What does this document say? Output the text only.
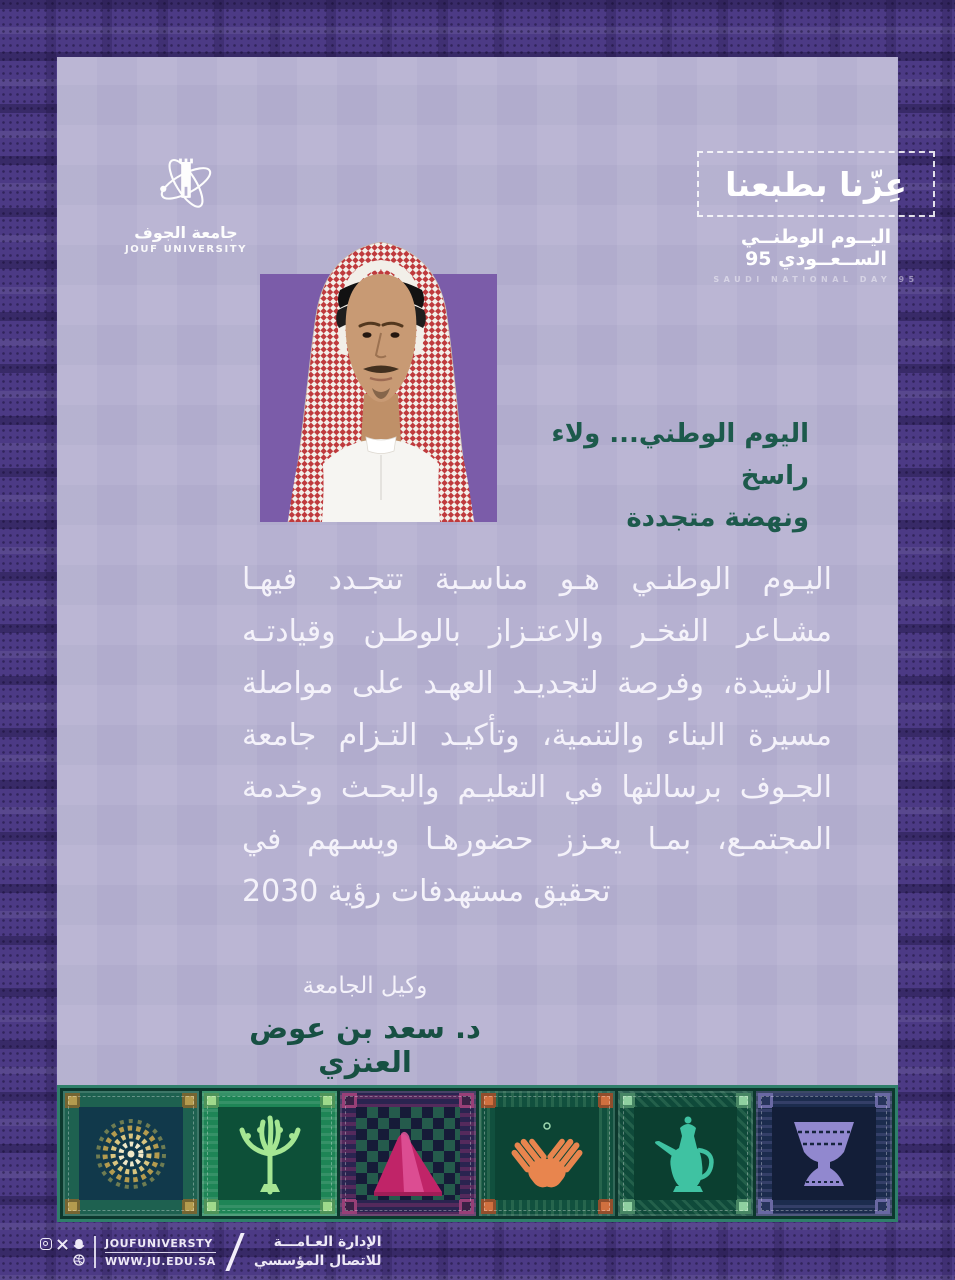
جامعة الجوف
JOUF UNIVERSITY
عِزّنا بطبعنا
اليــوم الوطنــي الســعــودي 95
SAUDI NATIONAL DAY 95
اليوم الوطني... ولاء راسخ
ونهضة متجددة
اليـوم الوطنـي هـو مناسـبة تتجـدد فيهـا
مشـاعر الفخـر والاعتـزاز بالوطـن وقيادتـه
الرشيدة، وفرصة لتجديـد العهـد على مواصلة
مسيرة البناء والتنمية، وتأكيـد التـزام جامعة
الجـوف برسالتها في التعليـم والبحـث وخدمة
المجتمـع، بمـا يعـزز حضورهـا ويسـهم في
تحقيق مستهدفات رؤية 2030
وكيل الجامعة
د. سعد بن عوض العنزي
JOUFUNIVERSTY
WWW.JU.EDU.SA
الإدارة العـامـــة
للاتصال المؤسسي
